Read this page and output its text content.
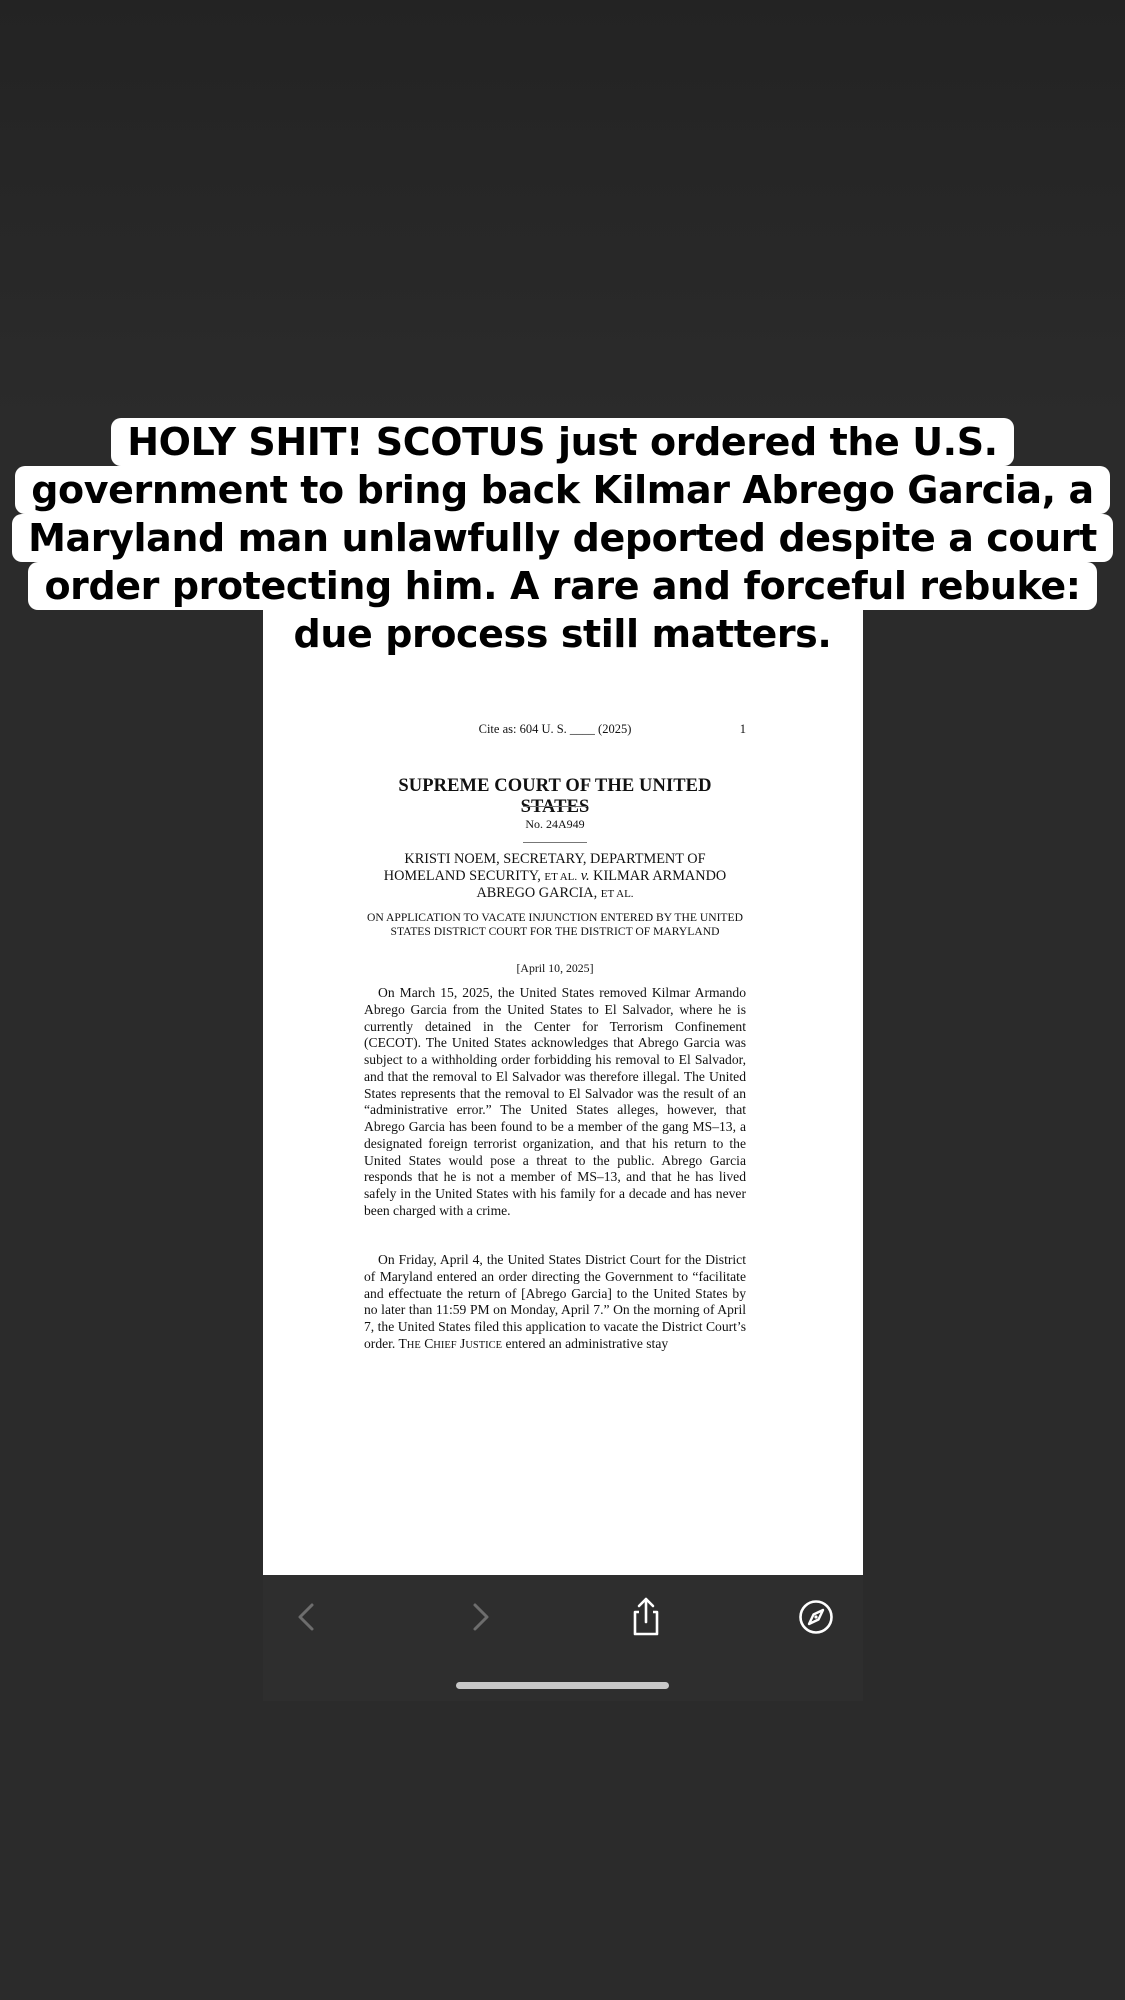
Cite as: 604 U. S. ____ (2025)	1
SUPREME COURT OF THE UNITED STATES
No. 24A949
KRISTI NOEM, SECRETARY, DEPARTMENT OF HOMELAND SECURITY, ET AL. v. KILMAR ARMANDO ABREGO GARCIA, ET AL.
ON APPLICATION TO VACATE INJUNCTION ENTERED BY THE UNITED STATES DISTRICT COURT FOR THE DISTRICT OF MARYLAND
[April 10, 2025]
On March 15, 2025, the United States removed Kilmar Armando Abrego Garcia from the United States to El Salvador, where he is currently detained in the Center for Terrorism Confinement (CECOT). The United States acknowledges that Abrego Garcia was subject to a withholding order forbidding his removal to El Salvador, and that the removal to El Salvador was therefore illegal. The United States represents that the removal to El Salvador was the result of an “administrative error.” The United States alleges, however, that Abrego Garcia has been found to be a member of the gang MS–13, a designated foreign terrorist organization, and that his return to the United States would pose a threat to the public. Abrego Garcia responds that he is not a member of MS–13, and that he has lived safely in the United States with his family for a decade and has never been charged with a crime.
On Friday, April 4, the United States District Court for the District of Maryland entered an order directing the Government to “facilitate and effectuate the return of [Abrego Garcia] to the United States by no later than 11:59 PM on Monday, April 7.” On the morning of April 7, the United States filed this application to vacate the District Court’s order. THE CHIEF JUSTICE entered an administrative stay
HOLY SHIT! SCOTUS just ordered the U.S. government to bring back Kilmar Abrego Garcia, a Maryland man unlawfully deported despite a court order protecting him. A rare and forceful rebuke: due process still matters.
